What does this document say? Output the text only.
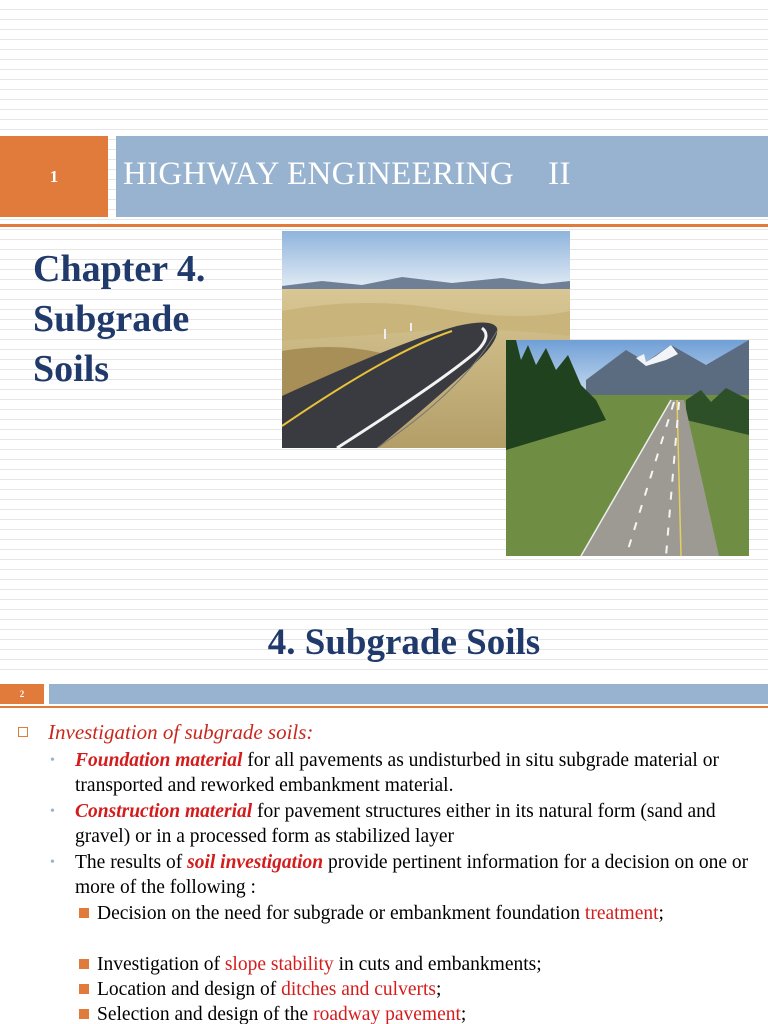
1 HIGHWAY ENGINEERING    II
Chapter 4.
Subgrade
Soils
4. Subgrade Soils
2
Investigation of subgrade soils:
• Foundation material for all pavements as undisturbed in situ subgrade material or transported and reworked embankment material.
• Construction material for pavement structures either in its natural form (sand and gravel) or in a processed form as stabilized layer
• The results of soil investigation provide pertinent information for a decision on one or more of the following :
Decision on the need for subgrade or embankment foundation treatment;
Investigation of slope stability in cuts and embankments;
Location and design of ditches and culverts;
Selection and design of the roadway pavement;
